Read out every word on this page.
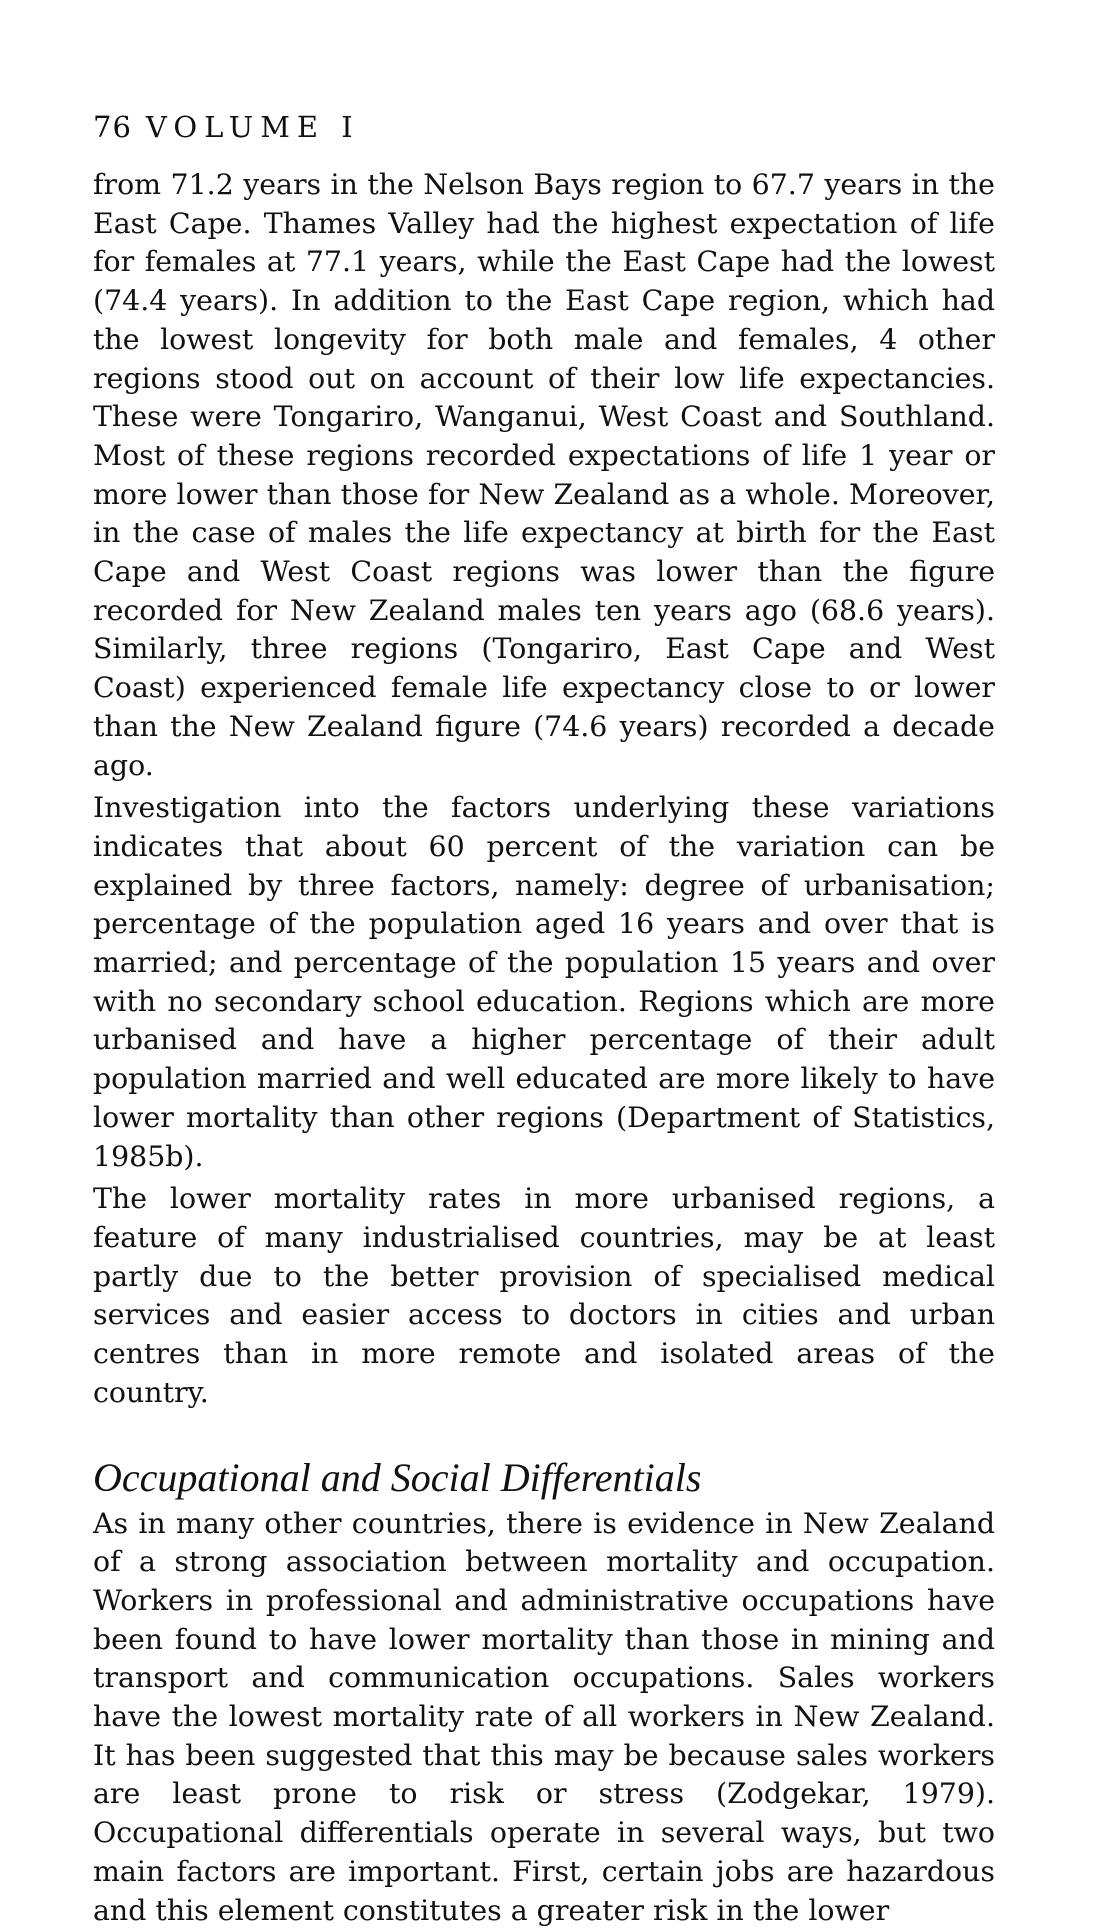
76 VOLUME I

from 71.2 years in the Nelson Bays region to 67.7 years in the East Cape. Thames Valley had the highest expectation of life for females at 77.1 years, while the East Cape had the lowest (74.4 years). In addition to the East Cape region, which had the lowest longevity for both male and females, 4 other regions stood out on account of their low life expectancies. These were Tongariro, Wanganui, West Coast and Southland. Most of these regions recorded expectations of life 1 year or more lower than those for New Zealand as a whole. Moreover, in the case of males the life expectancy at birth for the East Cape and West Coast regions was lower than the figure recorded for New Zealand males ten years ago (68.6 years). Similarly, three regions (Tongariro, East Cape and West Coast) experienced female life expectancy close to or lower than the New Zealand figure (74.6 years) recorded a decade ago.

Investigation into the factors underlying these variations indicates that about 60 percent of the variation can be explained by three factors, namely: degree of urbanisation; percentage of the population aged 16 years and over that is married; and percentage of the population 15 years and over with no secondary school education. Regions which are more urbanised and have a higher percentage of their adult population married and well educated are more likely to have lower mortality than other regions (Department of Statistics, 1985b).

The lower mortality rates in more urbanised regions, a feature of many industrialised countries, may be at least partly due to the better provision of specialised medical services and easier access to doctors in cities and urban centres than in more remote and isolated areas of the country.

Occupational and Social Differentials

As in many other countries, there is evidence in New Zealand of a strong association between mortality and occupation. Workers in professional and administrative occupations have been found to have lower mortality than those in mining and transport and communication occupations. Sales workers have the lowest mortality rate of all workers in New Zealand. It has been suggested that this may be because sales workers are least prone to risk or stress (Zodgekar, 1979). Occupational differentials operate in several ways, but two main factors are important. First, certain jobs are hazardous and this element constitutes a greater risk in the lower
